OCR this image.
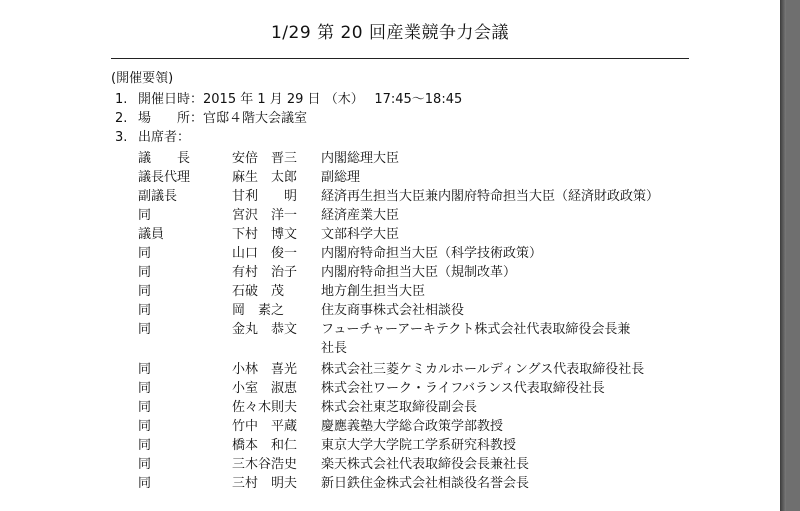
1/29 第 20 回産業競争力会議
(開催要領)
1. 開催日時：2015 年 1 月 29 日 （木）　 17:45～18:45
2. 場　　所：官邸４階大会議室
3. 出席者：
議　　長	安倍　晋三 内閣総理大臣
議長代理	麻生　太郎 副総理
副議長	甘利　　明 経済再生担当大臣兼内閣府特命担当大臣（経済財政政策）
同	宮沢　洋一 経済産業大臣
議員	下村　博文 文部科学大臣
同	山口　俊一 内閣府特命担当大臣（科学技術政策）
同	有村　治子 内閣府特命担当大臣（規制改革）
同	石破　茂	地方創生担当大臣
同	岡　素之	住友商事株式会社相談役
同	金丸　恭文 フューチャーアーキテクト株式会社代表取締役会長兼
社長
同	小林　喜光 株式会社三菱ケミカルホールディングス代表取締役社長
同	小室　淑恵 株式会社ワーク・ライフバランス代表取締役社長
同	佐々木則夫 株式会社東芝取締役副会長
同	竹中　平蔵 慶應義塾大学総合政策学部教授
同	橋本　和仁 東京大学大学院工学系研究科教授
同	三木谷浩史 楽天株式会社代表取締役会長兼社長
同	三村　明夫 新日鉄住金株式会社相談役名誉会長
